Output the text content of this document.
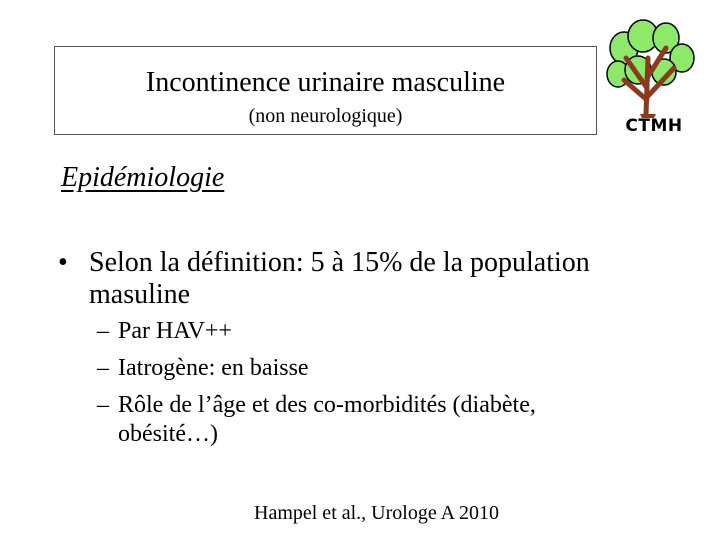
Incontinence urinaire masculine
(non neurologique)	CTMH
Epidémiologie
• Selon la définition: 5 à 15% de la population masuline
– Par HAV++
– Iatrogène: en baisse
– Rôle de l’âge et des co-morbidités (diabète, obésité…)
Hampel et al., Urologe A 2010
